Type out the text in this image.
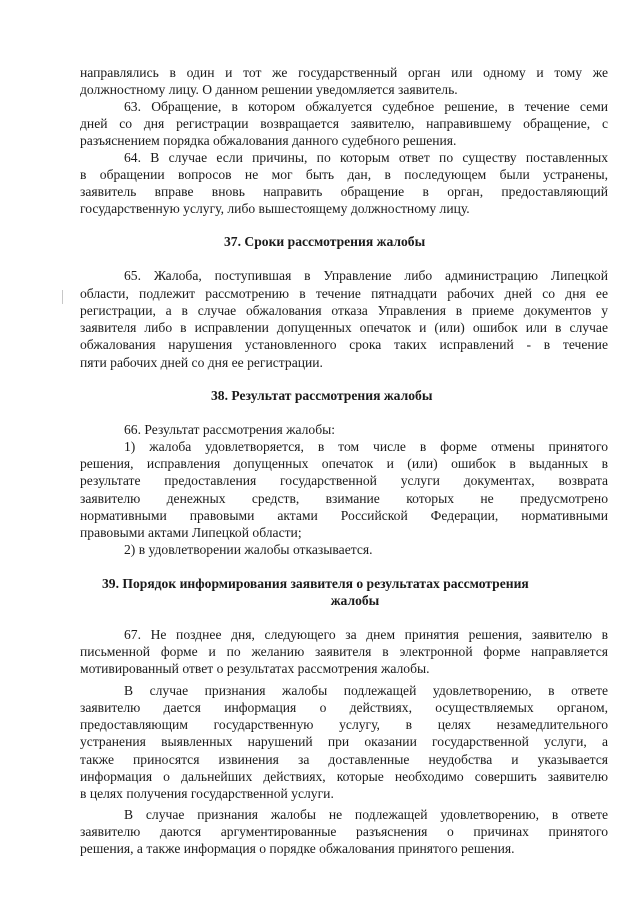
направлялись в один и тот же государственный орган или одному и тому же
должностному лицу. О данном решении уведомляется заявитель.
63. Обращение, в котором обжалуется судебное решение, в течение семи
дней со дня регистрации возвращается заявителю, направившему обращение, с
разъяснением порядка обжалования данного судебного решения.
64. В случае если причины, по которым ответ по существу поставленных
в обращении вопросов не мог быть дан, в последующем были устранены,
заявитель вправе вновь направить обращение в орган, предоставляющий
государственную услугу, либо вышестоящему должностному лицу.
37. Сроки рассмотрения жалобы
65. Жалоба, поступившая в Управление либо администрацию Липецкой
области, подлежит рассмотрению в течение пятнадцати рабочих дней со дня ее
регистрации, а в случае обжалования отказа Управления в приеме документов у
заявителя либо в исправлении допущенных опечаток и (или) ошибок или в случае
обжалования нарушения установленного срока таких исправлений - в течение
пяти рабочих дней со дня ее регистрации.
38. Результат рассмотрения жалобы
66. Результат рассмотрения жалобы:
1) жалоба удовлетворяется, в том числе в форме отмены принятого
решения, исправления допущенных опечаток и (или) ошибок в выданных в
результате предоставления государственной услуги документах, возврата
заявителю денежных средств, взимание которых не предусмотрено
нормативными правовыми актами Российской Федерации, нормативными
правовыми актами Липецкой области;
2) в удовлетворении жалобы отказывается.
39. Порядок информирования заявителя о результатах рассмотрения
жалобы
67. Не позднее дня, следующего за днем принятия решения, заявителю в
письменной форме и по желанию заявителя в электронной форме направляется
мотивированный ответ о результатах рассмотрения жалобы.
В случае признания жалобы подлежащей удовлетворению, в ответе
заявителю дается информация о действиях, осуществляемых органом,
предоставляющим государственную услугу, в целях незамедлительного
устранения выявленных нарушений при оказании государственной услуги, а
также приносятся извинения за доставленные неудобства и указывается
информация о дальнейших действиях, которые необходимо совершить заявителю
в целях получения государственной услуги.
В случае признания жалобы не подлежащей удовлетворению, в ответе
заявителю даются аргументированные разъяснения о причинах принятого
решения, а также информация о порядке обжалования принятого решения.
